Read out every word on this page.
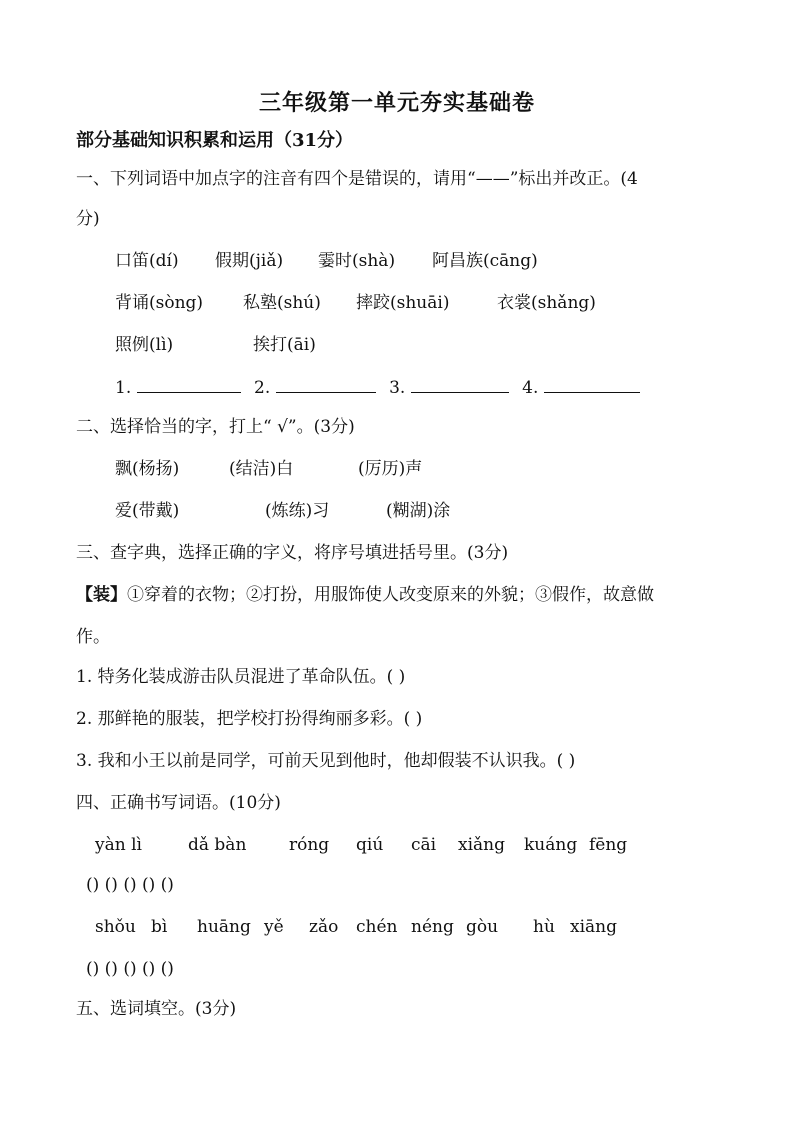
三年级第一单元夯实基础卷
部分基础知识积累和运用（31分）
一、下列词语中加点字的注音有四个是错误的，请用“——”标出并改正。(4
分)
口笛(dí) 假期(jiǎ) 霎时(shà) 阿昌族(cāng)
背诵(sòng) 私塾(shú) 摔跤(shuāi)	衣裳(shǎng)
照例(lì)	挨打(āi)
1.	2.	3.	4.
二、选择恰当的字，打上“ √”。(3分)
飘(杨扬)	(结洁)白	(厉历)声
爱(带戴)	(炼练)习	(糊湖)涂
三、查字典，选择正确的字义，将序号填进括号里。(3分)
【装】①穿着的衣物；②打扮，用服饰使人改变原来的外貌；③假作，故意做
作。
1. 特务化装成游击队员混进了革命队伍。( )
2. 那鲜艳的服装，把学校打扮得绚丽多彩。( )
3. 我和小王以前是同学，可前天见到他时，他却假装不认识我。( )
四、正确书写词语。(10分)
yàn lì	dǎ bàn	róng qiú cāi xiǎng kuáng fēng
() () () () ()
shǒu bì huāng yě zǎo chén néng gòu hù xiāng
() () () () ()
五、选词填空。(3分)
